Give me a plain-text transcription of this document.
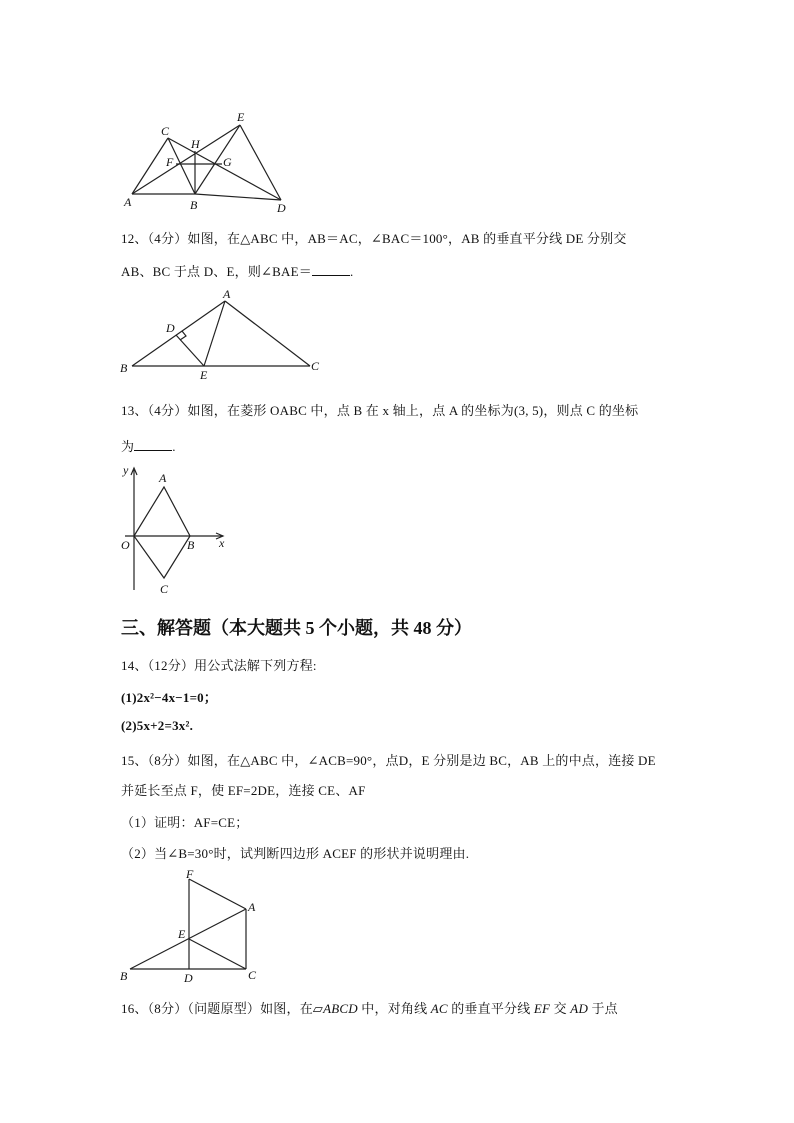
C
H
E
F	G
A	B	D
12、（4分）如图，在△ABC 中，AB＝AC，∠BAC＝100°，AB 的垂直平分线 DE 分别交
AB、BC 于点 D、E，则∠BAE＝	.
A
D
B	E
C
13、（4分）如图，在菱形 OABC 中，点 B 在 x 轴上，点 A 的坐标为(3, 5)，则点 C 的坐标
为	.
y
A
O	B x
C
三、解答题（本大题共 5 个小题，共 48 分）
14、（12分）用公式法解下列方程:
(1)2x²−4x−1=0；
(2)5x+2=3x².
15、（8分）如图，在△ABC 中，∠ACB=90°，点D，E 分别是边 BC，AB 上的中点，连接 DE
并延长至点 F，使 EF=2DE，连接 CE、AF
（1）证明：AF=CE；
（2）当∠B=30°时，试判断四边形 ACEF 的形状并说明理由.
F
A
E
B	D	C
16、（8分）（问题原型）如图，在▱ABCD 中，对角线 AC 的垂直平分线 EF 交 AD 于点
